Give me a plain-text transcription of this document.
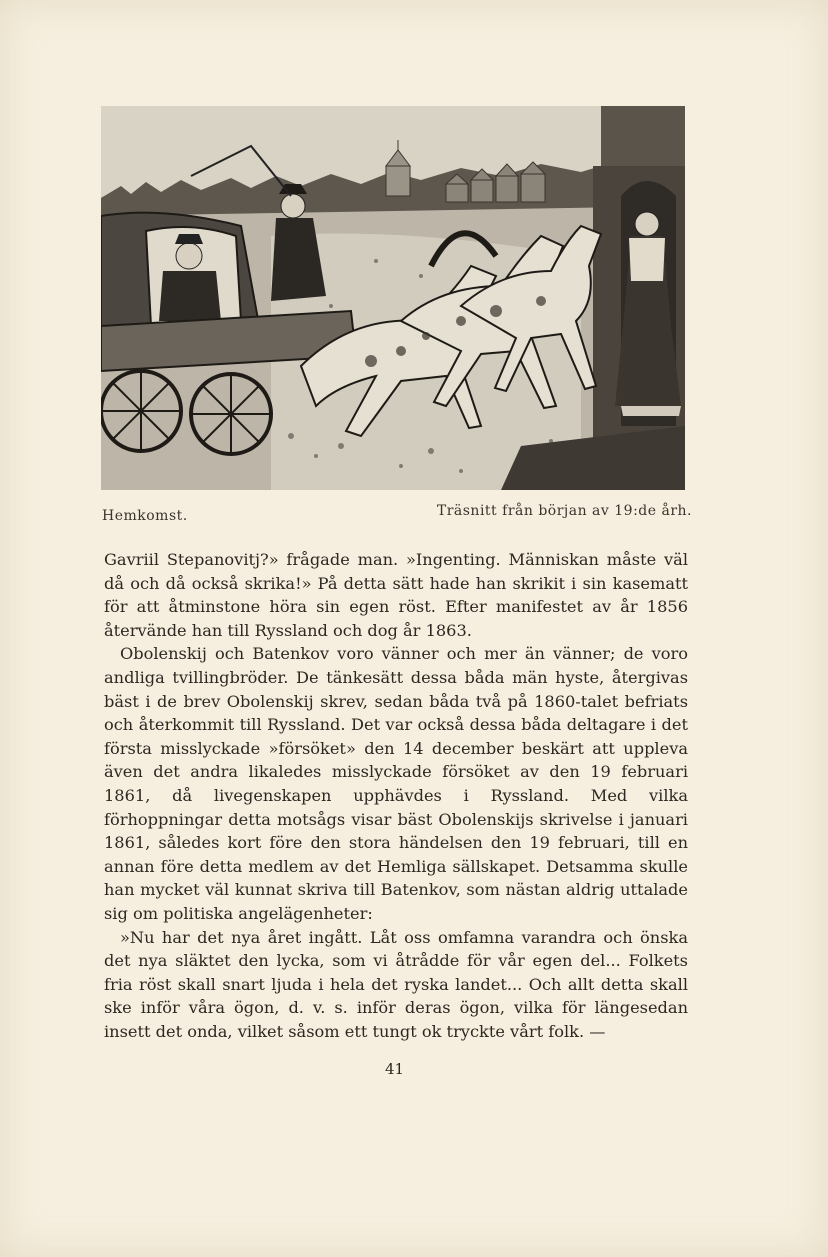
Hemkomst.	Träsnitt från början av 19:de årh.

Gavriil Stepanovitj?» frågade man. »Ingenting. Människan måste väl då och då också skrika!» På detta sätt hade han skrikit i sin kasematt för att åtminstone höra sin egen röst. Efter manifestet av år 1856 återvände han till Ryssland och dog år 1863.

Obolenskij och Batenkov voro vänner och mer än vänner; de voro andliga tvillingbröder. De tänkesätt dessa båda män hyste, återgivas bäst i de brev Obolenskij skrev, sedan båda två på 1860-talet befriats och återkommit till Ryssland. Det var också dessa båda deltagare i det första misslyckade »försöket» den 14 december beskärt att uppleva även det andra likaledes misslyckade försöket av den 19 februari 1861, då livegenskapen upphävdes i Ryssland. Med vilka förhoppningar detta motsågs visar bäst Obolenskijs skrivelse i januari 1861, således kort före den stora händelsen den 19 februari, till en annan före detta medlem av det Hemliga sällskapet. Detsamma skulle han mycket väl kunnat skriva till Batenkov, som nästan aldrig uttalade sig om politiska angelägenheter:

»Nu har det nya året ingått. Låt oss omfamna varandra och önska det nya släktet den lycka, som vi åtrådde för vår egen del... Folkets fria röst skall snart ljuda i hela det ryska landet... Och allt detta skall ske inför våra ögon, d. v. s. inför deras ögon, vilka för längesedan insett det onda, vilket såsom ett tungt ok tryckte vårt folk. —

41
